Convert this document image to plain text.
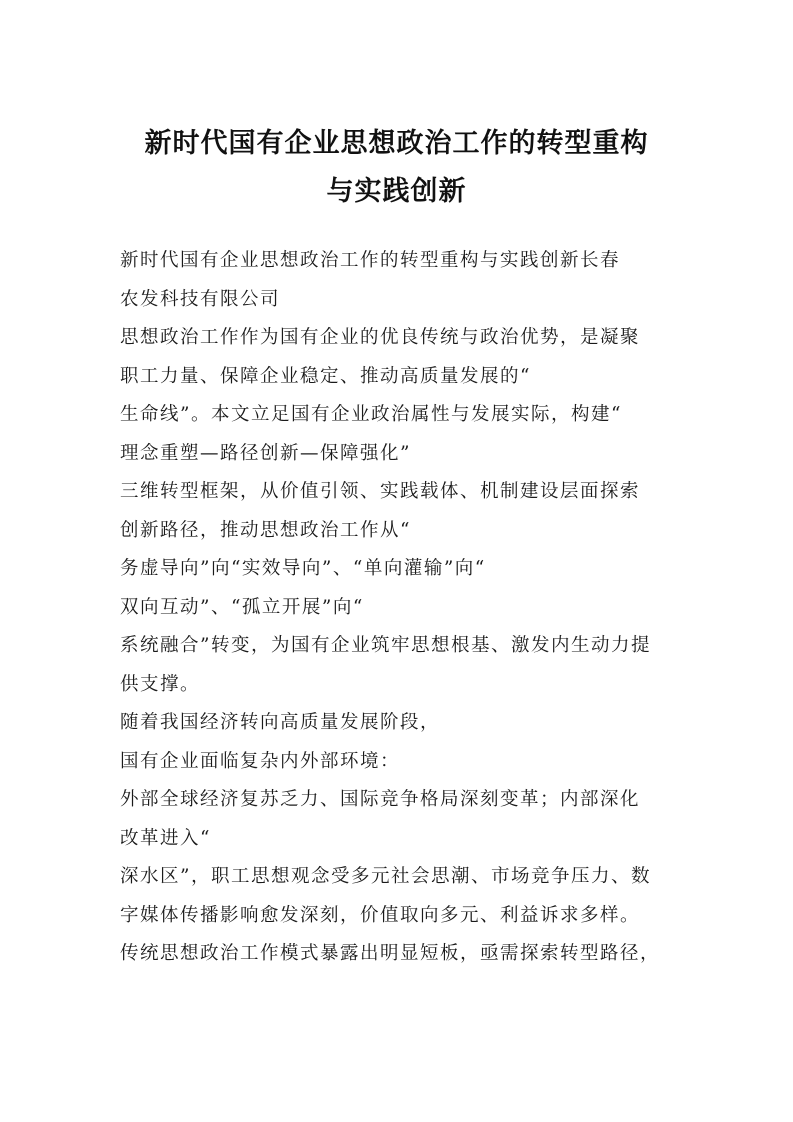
新时代国有企业思想政治工作的转型重构
与实践创新
新时代国有企业思想政治工作的转型重构与实践创新长春
农发科技有限公司
思想政治工作作为国有企业的优良传统与政治优势，是凝聚
职工力量、保障企业稳定、推动高质量发展的“
生命线”。本文立足国有企业政治属性与发展实际，构建“
理念重塑—路径创新—保障强化”
三维转型框架，从价值引领、实践载体、机制建设层面探索
创新路径，推动思想政治工作从“
务虚导向”向“实效导向”、“单向灌输”向“
双向互动”、“孤立开展”向“
系统融合”转变，为国有企业筑牢思想根基、激发内生动力提
供支撑。
随着我国经济转向高质量发展阶段，
国有企业面临复杂内外部环境：
外部全球经济复苏乏力、国际竞争格局深刻变革；内部深化
改革进入“
深水区”，职工思想观念受多元社会思潮、市场竞争压力、数
字媒体传播影响愈发深刻，价值取向多元、利益诉求多样。
传统思想政治工作模式暴露出明显短板，亟需探索转型路径，
